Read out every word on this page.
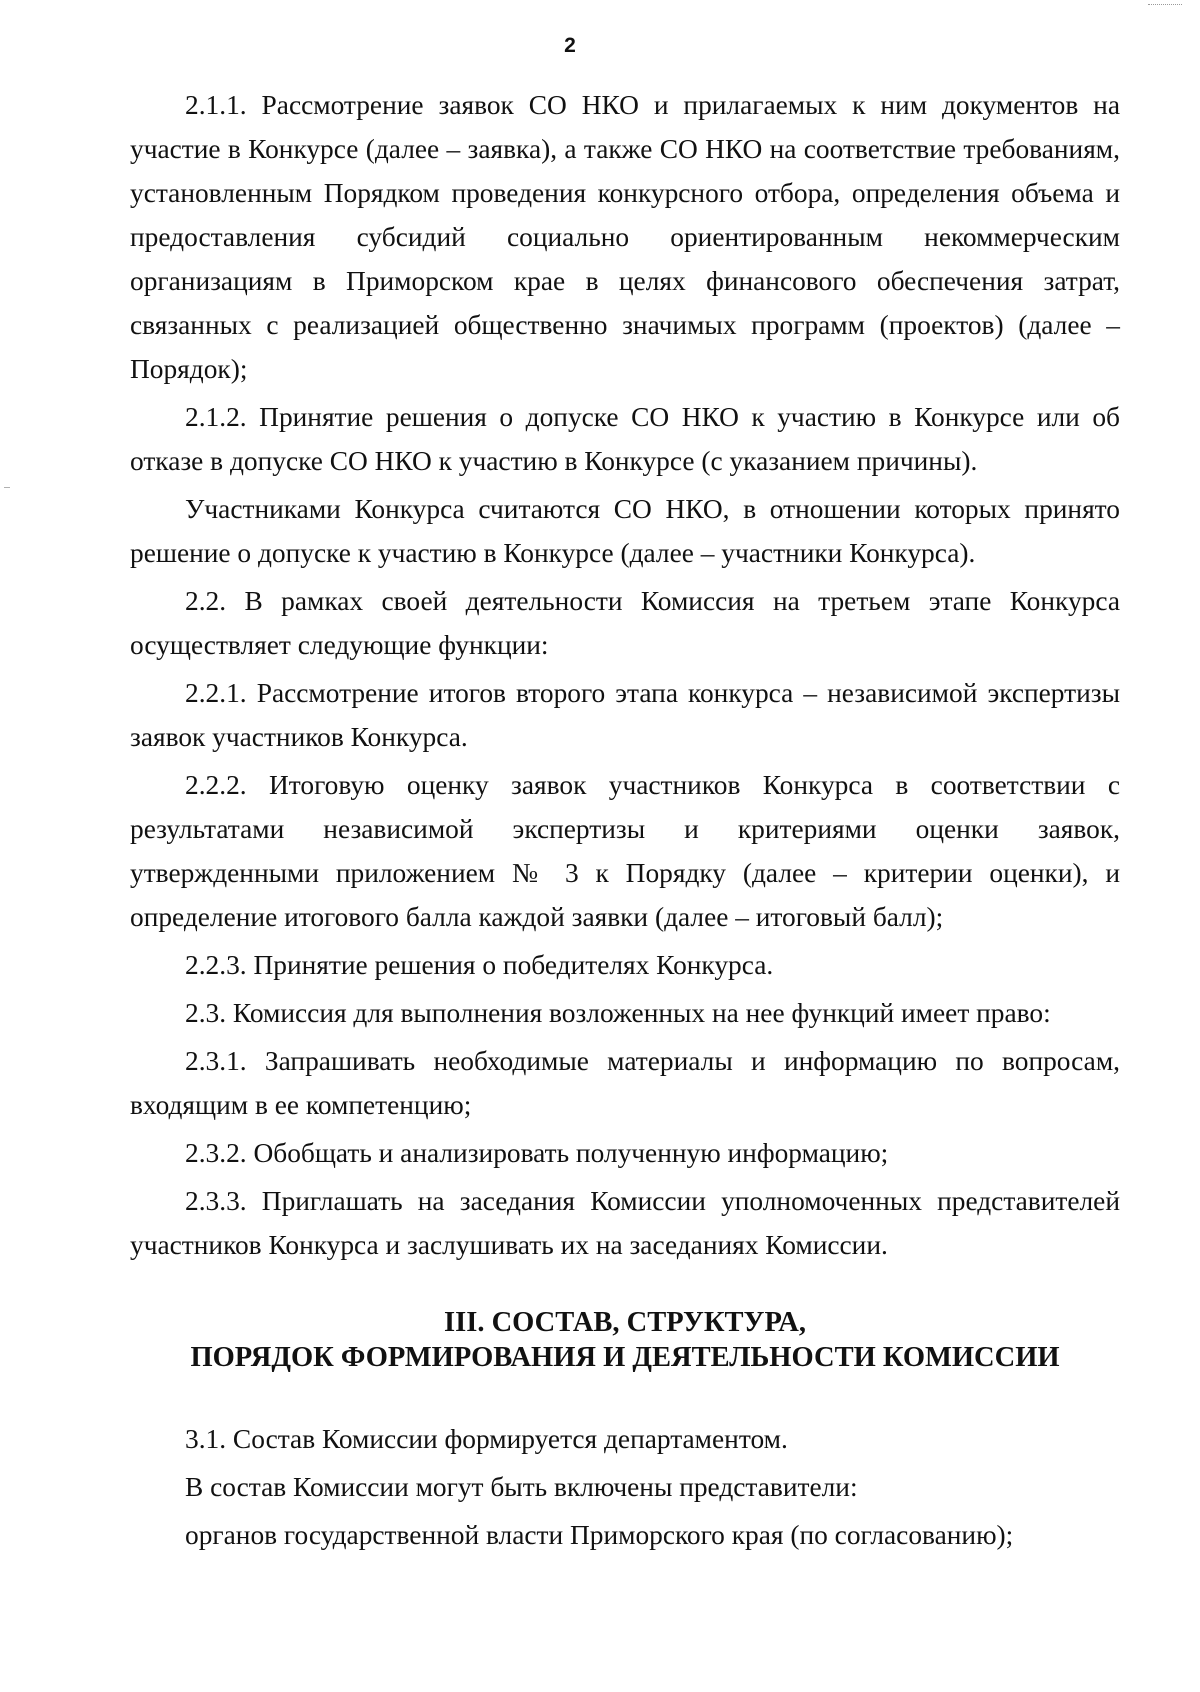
2

2.1.1. Рассмотрение заявок СО НКО и прилагаемых к ним документов на участие в Конкурсе (далее – заявка), а также СО НКО на соответствие требованиям, установленным Порядком проведения конкурсного отбора, определения объема и предоставления субсидий социально ориентированным некоммерческим организациям в Приморском крае в целях финансового обеспечения затрат, связанных с реализацией общественно значимых программ (проектов) (далее – Порядок);

2.1.2. Принятие решения о допуске СО НКО к участию в Конкурсе или об отказе в допуске СО НКО к участию в Конкурсе (с указанием причины).

Участниками Конкурса считаются СО НКО, в отношении которых принято решение о допуске к участию в Конкурсе (далее – участники Конкурса).

2.2. В рамках своей деятельности Комиссия на третьем этапе Конкурса осуществляет следующие функции:

2.2.1. Рассмотрение итогов второго этапа конкурса – независимой экспертизы заявок участников Конкурса.

2.2.2. Итоговую оценку заявок участников Конкурса в соответствии с результатами независимой экспертизы и критериями оценки заявок, утвержденными приложением № 3 к Порядку (далее – критерии оценки), и определение итогового балла каждой заявки (далее – итоговый балл);

2.2.3. Принятие решения о победителях Конкурса.

2.3. Комиссия для выполнения возложенных на нее функций имеет право:

2.3.1. Запрашивать необходимые материалы и информацию по вопросам, входящим в ее компетенцию;

2.3.2. Обобщать и анализировать полученную информацию;

2.3.3. Приглашать на заседания Комиссии уполномоченных представителей участников Конкурса и заслушивать их на заседаниях Комиссии.

III. СОСТАВ, СТРУКТУРА,
ПОРЯДОК ФОРМИРОВАНИЯ И ДЕЯТЕЛЬНОСТИ КОМИССИИ

3.1. Состав Комиссии формируется департаментом.

В состав Комиссии могут быть включены представители:

органов государственной власти Приморского края (по согласованию);
